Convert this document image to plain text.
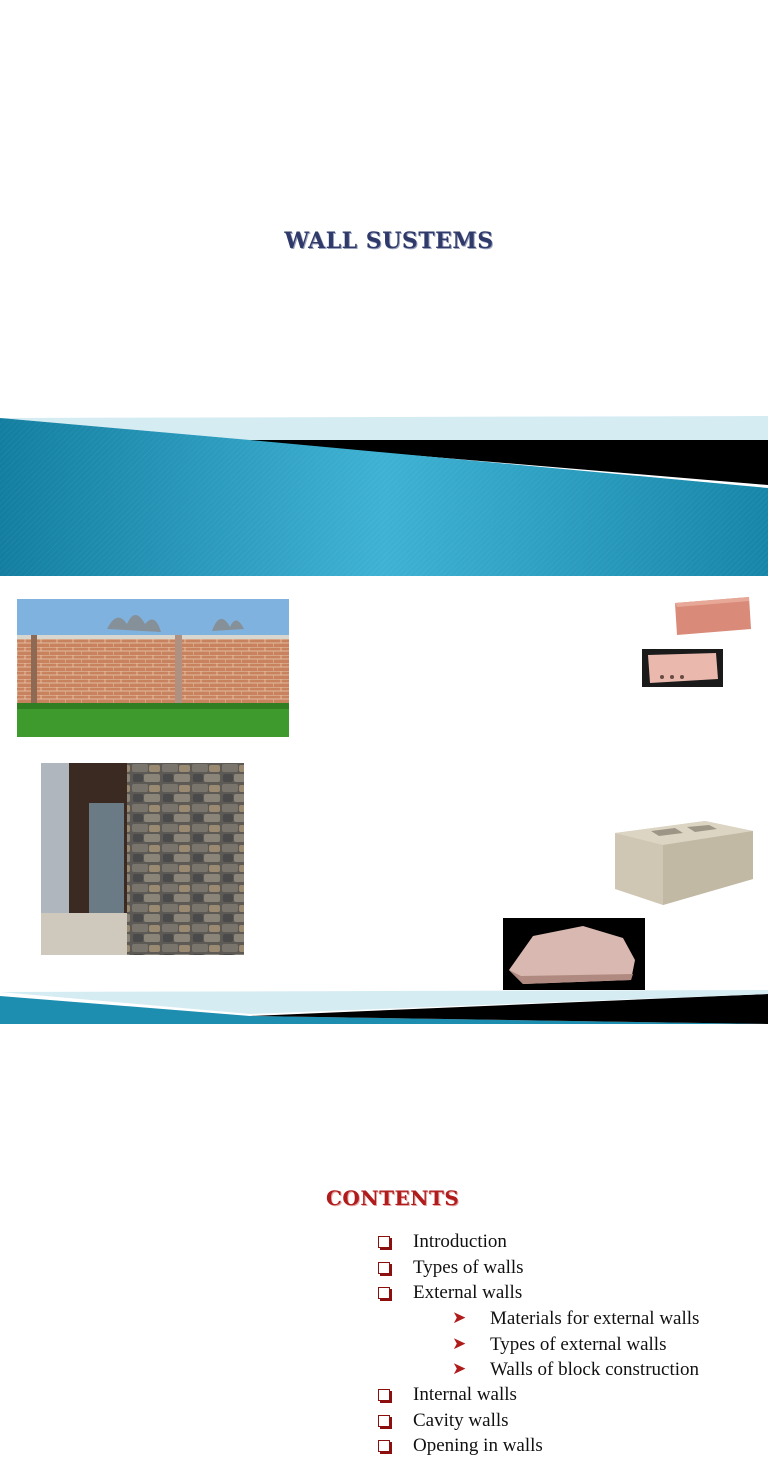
WALL SUSTEMS
CONTENTS
Introduction
Types of walls
External walls
➤ Materials for external walls
➤ Types of external walls
➤ Walls of block construction
Internal walls
Cavity walls
Opening in walls
